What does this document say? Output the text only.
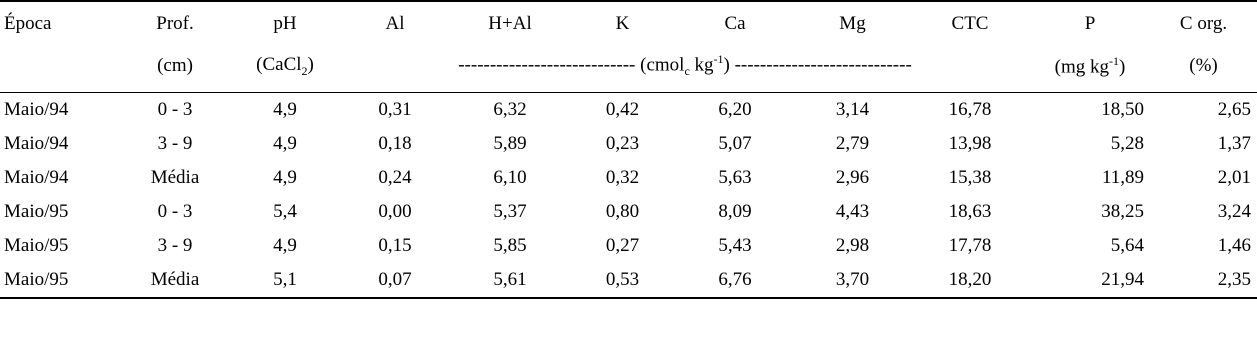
Época	Prof.	pH	Al	H+Al	K	Ca	Mg	CTC	P	C org.
	(cm)	(CaCl$_2$)	---------------------------- (cmol$_c$ $kg^{-1}$) ----------------------------						(mg $kg^{-1}$)	(%)
Maio/94	0 - 3	4,9	0,31	6,32	0,42	6,20	3,14	16,78	18,50	2,65
Maio/94	3 - 9	4,9	0,18	5,89	0,23	5,07	2,79	13,98	5,28	1,37
Maio/94	Média	4,9	0,24	6,10	0,32	5,63	2,96	15,38	11,89	2,01
Maio/95	0 - 3	5,4	0,00	5,37	0,80	8,09	4,43	18,63	38,25	3,24
Maio/95	3 - 9	4,9	0,15	5,85	0,27	5,43	2,98	17,78	5,64	1,46
Maio/95	Média	5,1	0,07	5,61	0,53	6,76	3,70	18,20	21,94	2,35
